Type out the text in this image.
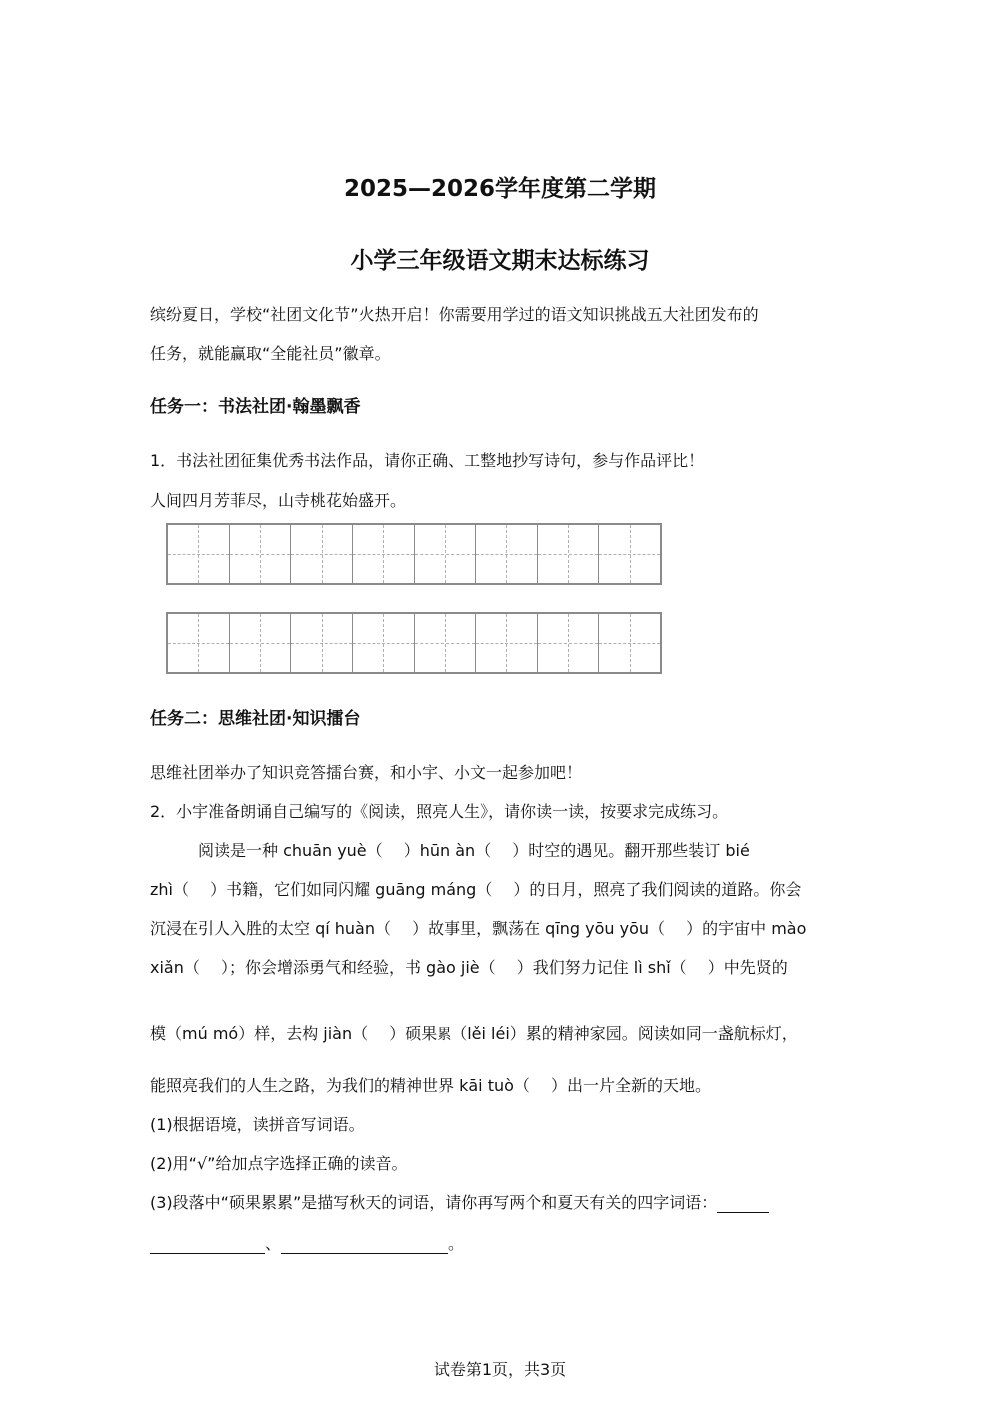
2025—2026学年度第二学期
小学三年级语文期末达标练习
缤纷夏日，学校“社团文化节”火热开启！你需要用学过的语文知识挑战五大社团发布的
任务，就能赢取“全能社员”徽章。
任务一：书法社团·翰墨飘香
1．书法社团征集优秀书法作品，请你正确、工整地抄写诗句，参与作品评比！
人间四月芳菲尽，山寺桃花始盛开。
任务二：思维社团·知识擂台
思维社团举办了知识竞答擂台赛，和小宇、小文一起参加吧！
2．小宇准备朗诵自己编写的《阅读，照亮人生》，请你读一读，按要求完成练习。
阅读是一种 chuān yuè（　 ）hūn àn（　 ）时空的遇见。翻开那些装订 bié
zhì（　 ）书籍，它们如同闪耀 guāng máng（　 ）的日月，照亮了我们阅读的道路。你会
沉浸在引人入胜的太空 qí huàn（　 ）故事里，飘荡在 qīng yōu yōu（　 ）的宇宙中 mào
xiǎn（　 ）；你会增添勇气和经验，书 gào jiè（　 ）我们努力记住 lì shǐ（　 ）中先贤的
模（mú mó）样，去构 jiàn（　 ）硕果累（lěi léi）累的精神家园。阅读如同一盏航标灯，
能照亮我们的人生之路，为我们的精神世界 kāi tuò（　 ）出一片全新的天地。
(1)根据语境，读拼音写词语。
(2)用“√”给加点字选择正确的读音。
(3)段落中“硕果累累”是描写秋天的词语，请你再写两个和夏天有关的四字词语：
、	。
试卷第1页，共3页
